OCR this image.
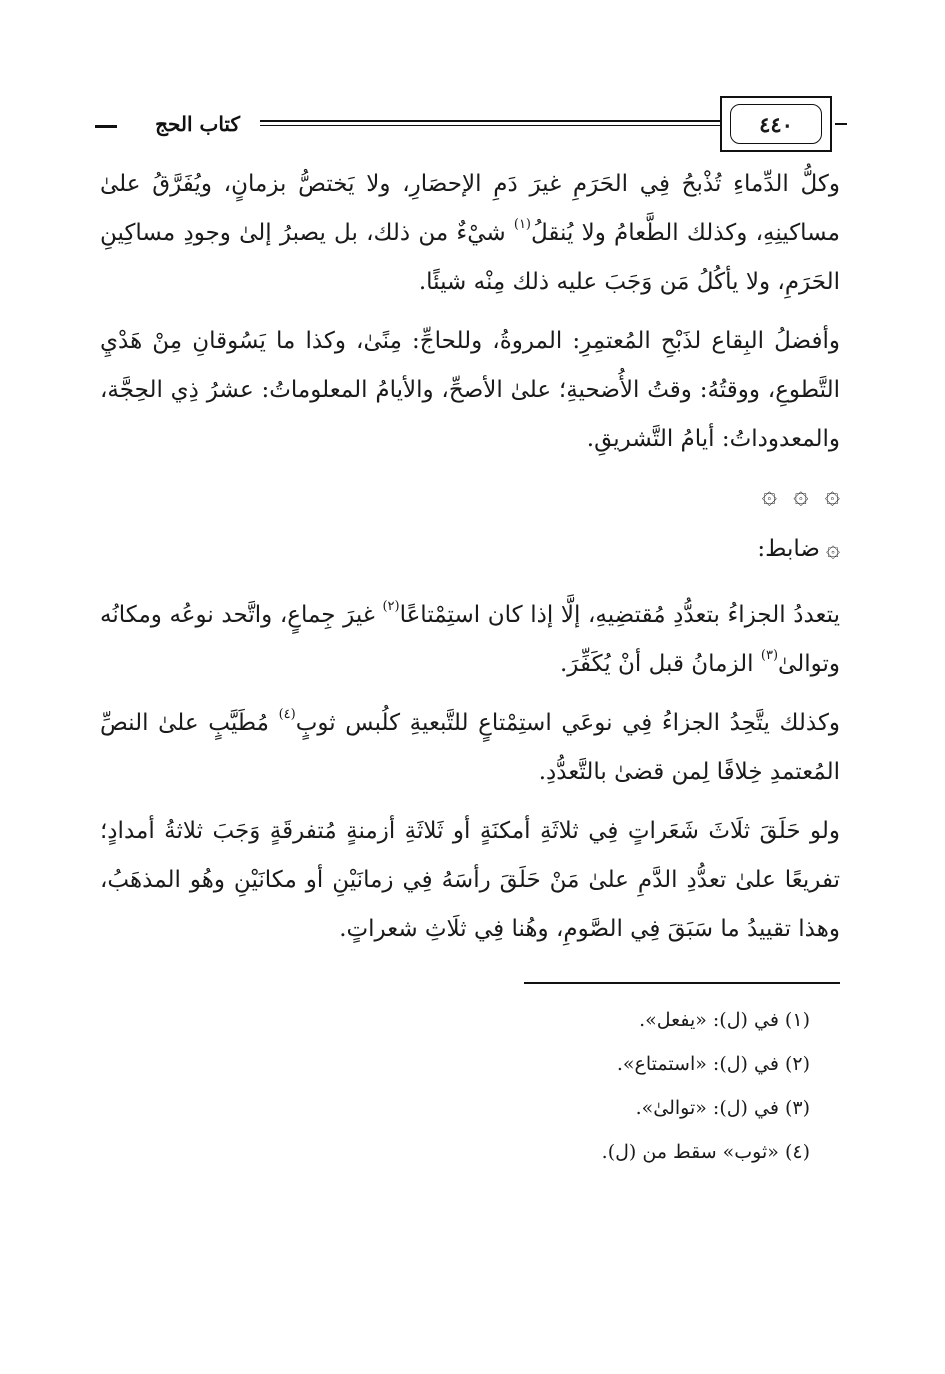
كتاب الحج	٤٤٠

وكلُّ الدِّماءِ تُذْبحُ فِي الحَرَمِ غيرَ دَمِ الإحصَارِ، ولا يَختصُّ بزمانٍ، ويُفَرَّقُ علىٰ مساكينِهِ، وكذلك الطَّعامُ ولا يُنقلُ$^{(١)}$ شيْءٌ من ذلك، بل يصبرُ إلىٰ وجودِ مساكِينِ الحَرَمِ، ولا يأكُلُ مَن وَجَبَ عليه ذلك مِنْه شيئًا.

وأفضلُ البِقاع لذَبْحِ المُعتمِرِ: المروةُ، وللحاجِّ: مِنًىٰ، وكذا ما يَسُوقانِ مِنْ هَدْيِ التَّطوعِ، ووقتُهُ: وقتُ الأُضحيةِ؛ علىٰ الأصحِّ، والأيامُ المعلوماتُ: عشرُ ذِي الحِجَّة، والمعدوداتُ: أيامُ التَّشريقِ.

۞ ۞ ۞
۞ضابط:

يتعددُ الجزاءُ بتعدُّدِ مُقتضِيهِ، إلَّا إذا كان استِمْتاعًا$^{(٢)}$ غيرَ جِماعٍ، واتَّحد نوعُه ومكانُه وتوالىٰ$^{(٣)}$ الزمانُ قبل أنْ يُكَفِّرَ.

وكذلك يتَّحِدُ الجزاءُ فِي نوعَي استِمْتاعٍ للتَّبعيةِ كلُبس ثوبٍ$^{(٤)}$ مُطَيَّبٍ علىٰ النصِّ المُعتمدِ خِلافًا لِمن قضىٰ بالتَّعدُّدِ.

ولو حَلَقَ ثلَاثَ شَعَراتٍ فِي ثلاثَةِ أمكنَةٍ أو ثَلاثَةِ أزمنةٍ مُتفرقَةٍ وَجَبَ ثلاثةُ أمدادٍ؛ تفريعًا علىٰ تعدُّدِ الدَّمِ علىٰ مَنْ حَلَقَ رأسَهُ فِي زمانَيْنِ أو مكانَيْنِ وهُو المذهَبُ، وهذا تقييدُ ما سَبَقَ فِي الصَّومِ، وهُنا فِي ثلَاثِ شعراتٍ.

(١) في (ل): «يفعل».
(٢) في (ل): «استمتاع».
(٣) في (ل): «توالىٰ».
(٤) «ثوب» سقط من (ل).
